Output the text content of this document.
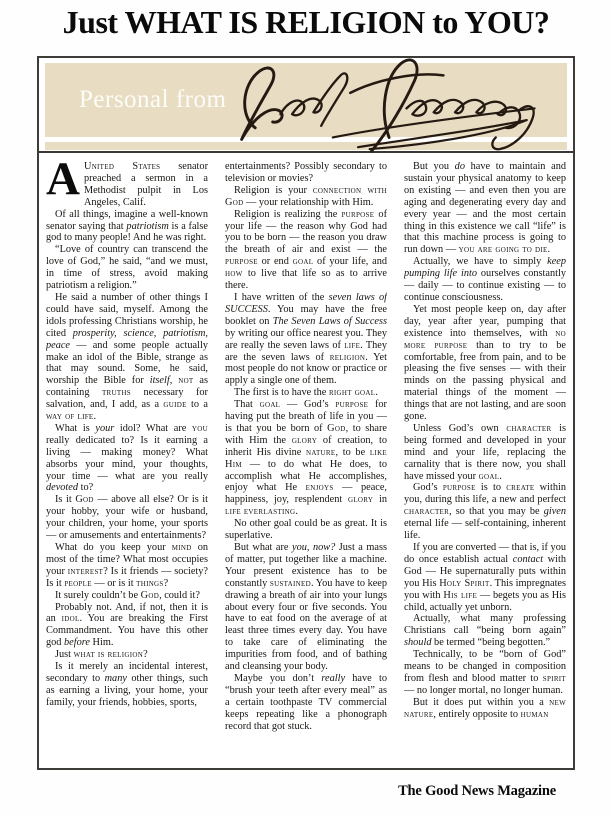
Just WHAT IS RELIGION to YOU?
Personal from

A United States senator preached a sermon in a Methodist pulpit in Los Angeles, Calif.

Of all things, imagine a well-known senator saying that patriotism is a false god to many people! And he was right.

“Love of country can transcend the love of God,” he said, “and we must, in time of stress, avoid making patriotism a religion.”

He said a number of other things I could have said, myself. Among the idols professing Christians worship, he cited prosperity, science, patriotism, peace — and some people actually make an idol of the Bible, strange as that may sound. Some, he said, worship the Bible for itself, not as containing truths necessary for salvation, and, I add, as a guide to a way of life.

What is your idol? What are you really dedicated to? Is it earning a living — making money? What absorbs your mind, your thoughts, your time — what are you really devoted to?

Is it God — above all else? Or is it your hobby, your wife or husband, your children, your home, your sports — or amusements and entertainments?

What do you keep your mind on most of the time? What most occupies your interest? Is it friends — society? Is it people — or is it things?

It surely couldn’t be God, could it?

Probably not. And, if not, then it is an idol. You are breaking the First Commandment. You have this other god before Him.

Just what is religion?

Is it merely an incidental interest, secondary to many other things, such as earning a living, your home, your family, your friends, hobbies, sports,

entertainments? Possibly secondary to television or movies?

Religion is your connection with God — your relationship with Him.

Religion is realizing the purpose of your life — the reason why God had you to be born — the reason you draw the breath of air and exist — the purpose or end goal of your life, and how to live that life so as to arrive there.

I have written of the seven laws of SUCCESS. You may have the free booklet on The Seven Laws of Success by writing our office nearest you. They are really the seven laws of life. They are the seven laws of religion. Yet most people do not know or practice or apply a single one of them.

The first is to have the right goal.

That goal — God’s purpose for having put the breath of life in you — is that you be born of God, to share with Him the glory of creation, to inherit His divine nature, to be like Him — to do what He does, to accomplish what He accomplishes, enjoy what He enjoys — peace, happiness, joy, resplendent glory in life everlasting.

No other goal could be as great. It is superlative.

But what are you, now? Just a mass of matter, put together like a machine. Your present existence has to be constantly sustained. You have to keep drawing a breath of air into your lungs about every four or five seconds. You have to eat food on the average of at least three times every day. You have to take care of eliminating the impurities from food, and of bathing and cleansing your body.

Maybe you don’t really have to “brush your teeth after every meal” as a certain toothpaste TV commercial keeps repeating like a phonograph record that got stuck.

But you do have to maintain and sustain your physical anatomy to keep on existing — and even then you are aging and degenerating every day and every year — and the most certain thing in this existence we call “life” is that this machine process is going to run down — you are going to die.

Actually, we have to simply keep pumping life into ourselves constantly — daily — to continue existing — to continue consciousness.

Yet most people keep on, day after day, year after year, pumping that existence into themselves, with no more purpose than to try to be comfortable, free from pain, and to be pleasing the five senses — with their minds on the passing physical and material things of the moment — things that are not lasting, and are soon gone.

Unless God’s own character is being formed and developed in your mind and your life, replacing the carnality that is there now, you shall have missed your goal.

God’s purpose is to create within you, during this life, a new and perfect character, so that you may be given eternal life — self-containing, inherent life.

If you are converted — that is, if you do once establish actual contact with God — He supernaturally puts within you His Holy Spirit. This impregnates you with His life — begets you as His child, actually yet unborn.

Actually, what many professing Christians call “being born again” should be termed “being begotten.”

Technically, to be “born of God” means to be changed in composition from flesh and blood matter to spirit — no longer mortal, no longer human.

But it does put within you a new nature, entirely opposite to human

The Good News Magazine
